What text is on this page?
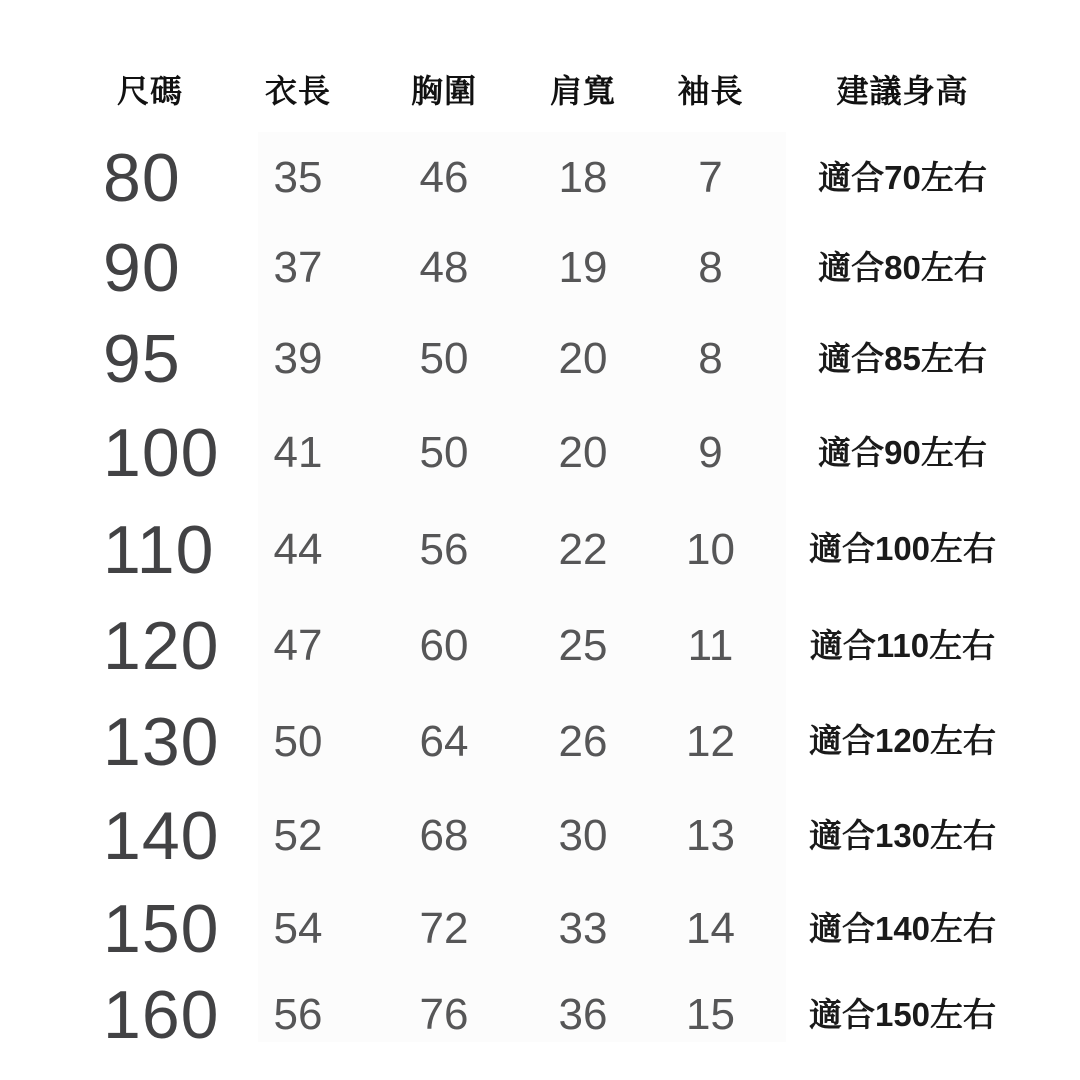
尺碼	衣長	胸圍	肩寬	袖長	建議身高
80	35	46	18	7	適合70左右
90	37	48	19	8	適合80左右
95	39	50	20	8	適合85左右
100	41	50	20	9	適合90左右
110	44	56	22	10	適合100左右
120	47	60	25	11	適合110左右
130	50	64	26	12	適合120左右
140	52	68	30	13	適合130左右
150	54	72	33	14	適合140左右
160	56	76	36	15	適合150左右
